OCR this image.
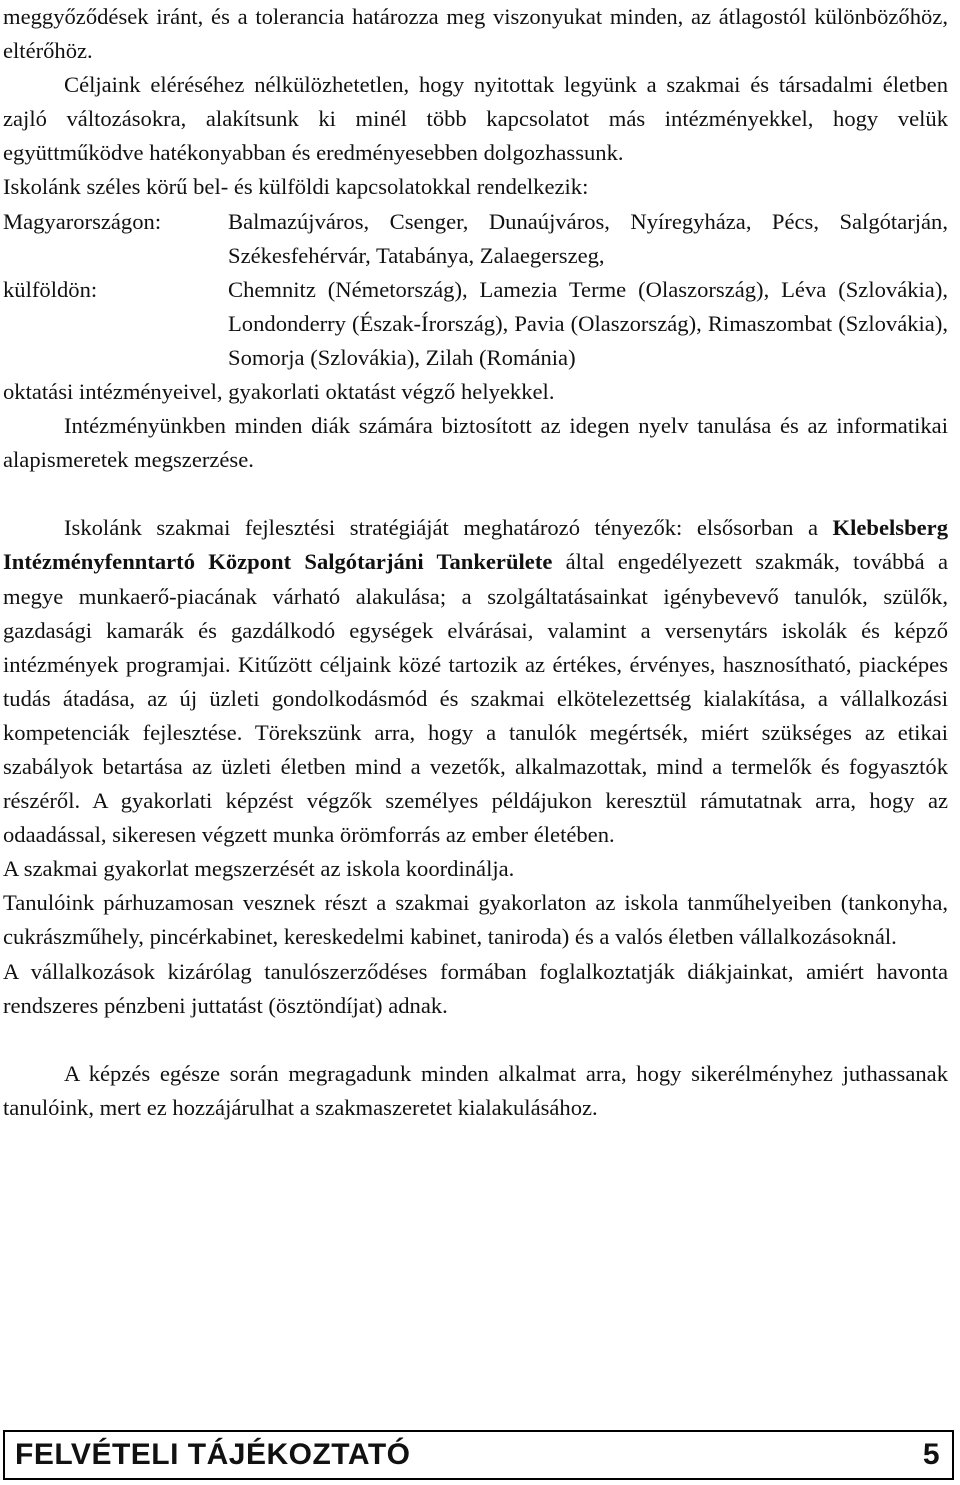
meggyőződések iránt, és a tolerancia határozza meg viszonyukat minden, az átlagostól különbözőhöz, eltérőhöz.

Céljaink eléréséhez nélkülözhetetlen, hogy nyitottak legyünk a szakmai és társadalmi életben zajló változásokra, alakítsunk ki minél több kapcsolatot más intézményekkel, hogy velük együttműködve hatékonyabban és eredményesebben dolgozhassunk.

Iskolánk széles körű bel- és külföldi kapcsolatokkal rendelkezik:

Magyarországon:	Balmazújváros, Csenger, Dunaújváros, Nyíregyháza, Pécs, Salgótarján, Székesfehérvár, Tatabánya, Zalaegerszeg,
külföldön:	Chemnitz (Németország), Lamezia Terme (Olaszország), Léva (Szlovákia), Londonderry (Észak-Írország), Pavia (Olaszország), Rimaszombat (Szlovákia), Somorja (Szlovákia), Zilah (Románia)

oktatási intézményeivel, gyakorlati oktatást végző helyekkel.

Intézményünkben minden diák számára biztosított az idegen nyelv tanulása és az informatikai alapismeretek megszerzése.

Iskolánk szakmai fejlesztési stratégiáját meghatározó tényezők: elsősorban a Klebelsberg Intézményfenntartó Központ Salgótarjáni Tankerülete által engedélyezett szakmák, továbbá a megye munkaerő-piacának várható alakulása; a szolgáltatásainkat igénybevevő tanulók, szülők, gazdasági kamarák és gazdálkodó egységek elvárásai, valamint a versenytárs iskolák és képző intézmények programjai. Kitűzött céljaink közé tartozik az értékes, érvényes, hasznosítható, piacképes tudás átadása, az új üzleti gondolkodásmód és szakmai elkötelezettség kialakítása, a vállalkozási kompetenciák fejlesztése. Törekszünk arra, hogy a tanulók megértsék, miért szükséges az etikai szabályok betartása az üzleti életben mind a vezetők, alkalmazottak, mind a termelők és fogyasztók részéről. A gyakorlati képzést végzők személyes példájukon keresztül rámutatnak arra, hogy az odaadással, sikeresen végzett munka örömforrás az ember életében.

A szakmai gyakorlat megszerzését az iskola koordinálja.

Tanulóink párhuzamosan vesznek részt a szakmai gyakorlaton az iskola tanműhelyeiben (tankonyha, cukrászműhely, pincérkabinet, kereskedelmi kabinet, taniroda) és a valós életben vállalkozásoknál.

A vállalkozások kizárólag tanulószerződéses formában foglalkoztatják diákjainkat, amiért havonta rendszeres pénzbeni juttatást (ösztöndíjat) adnak.

A képzés egésze során megragadunk minden alkalmat arra, hogy sikerélményhez juthassanak tanulóink, mert ez hozzájárulhat a szakmaszeretet kialakulásához.

FELVÉTELI TÁJÉKOZTATÓ	5
